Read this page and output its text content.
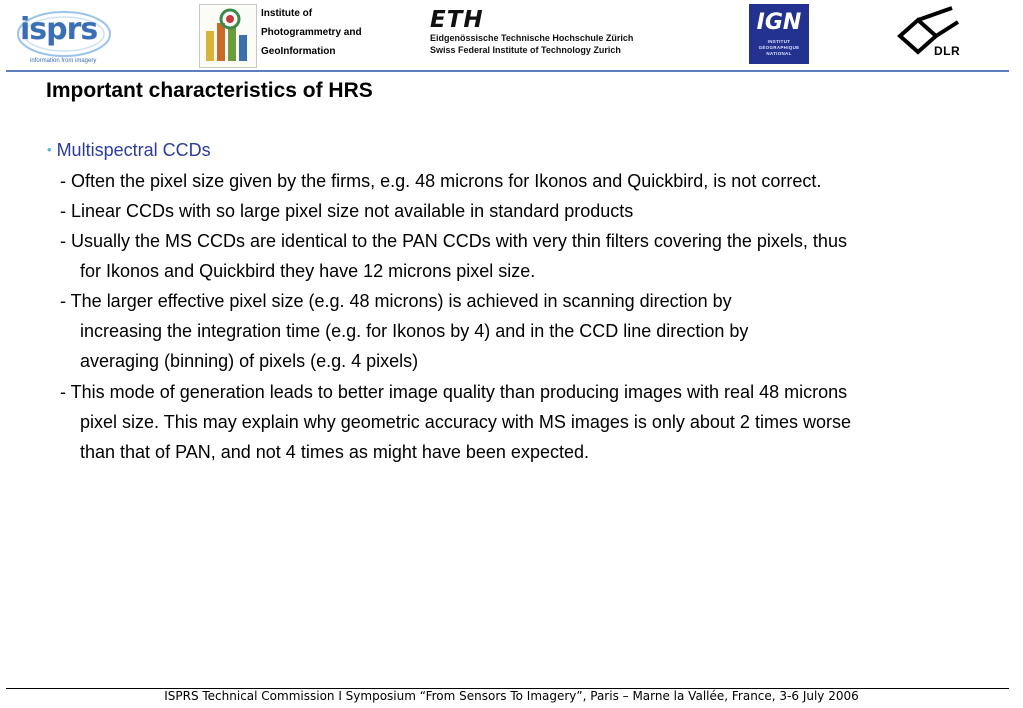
isprs
information from imagery
Institute of
Photogrammetry and
GeoInformation
ETH
Eidgenössische Technische Hochschule Zürich
Swiss Federal Institute of Technology Zurich
IGN
INSTITUT
GÉOGRAPHIQUE
NATIONAL	DLR
Important characteristics of HRS
• Multispectral CCDs
- Often the pixel size given by the firms, e.g. 48 microns for Ikonos and Quickbird, is not correct.
- Linear CCDs with so large pixel size not available in standard products
- Usually the MS CCDs are identical to the PAN CCDs with very thin filters covering the pixels, thus
for Ikonos and Quickbird they have 12 microns pixel size.
- The larger effective pixel size (e.g. 48 microns) is achieved in scanning direction by
increasing the integration time (e.g. for Ikonos by 4) and in the CCD line direction by
averaging (binning) of pixels (e.g. 4 pixels)
- This mode of generation leads to better image quality than producing images with real 48 microns
pixel size. This may explain why geometric accuracy with MS images is only about 2 times worse
than that of PAN, and not 4 times as might have been expected.
ISPRS Technical Commission I Symposium “From Sensors To Imagery”, Paris – Marne la Vallée, France, 3-6 July 2006
